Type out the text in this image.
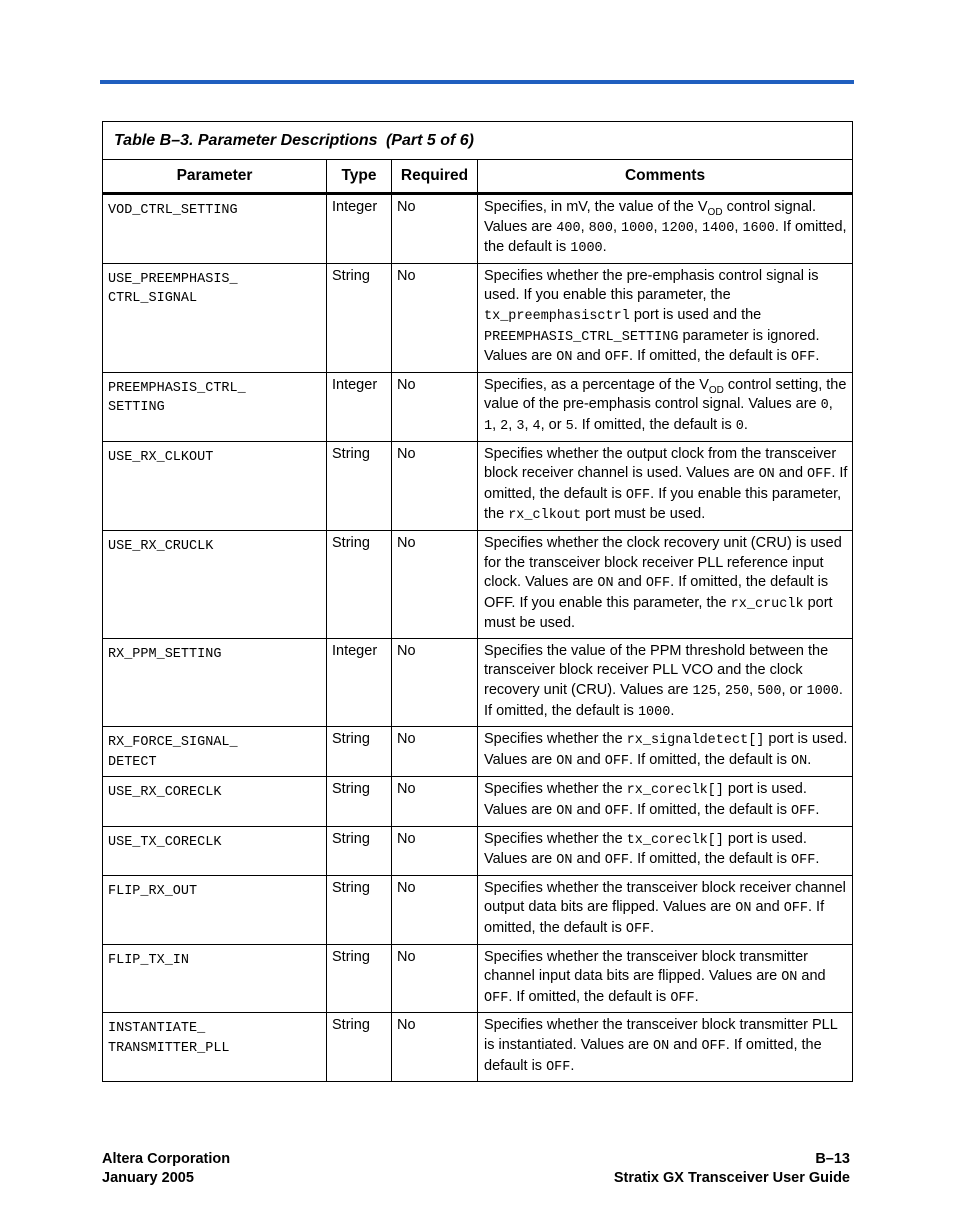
Table B–3. Parameter Descriptions (Part 5 of 6)			
Parameter	Type	Required	Comments

VOD_CTRL_SETTING	Integer	No	Specifies, in mV, the value of the $V_{OD}$ control signal. Values are 400, 800, 1000, 1200, 1400, 1600. If omitted, the default is 1000.

USE_PREEMPHASIS_
CTRL_SIGNAL	String	No	Specifies whether the pre-emphasis control signal is used. If you enable this parameter, the tx_preemphasisctrl port is used and the PREEMPHASIS_CTRL_SETTING parameter is ignored. Values are ON and OFF. If omitted, the default is OFF.

PREEMPHASIS_CTRL_
SETTING	Integer	No	Specifies, as a percentage of the $V_{OD}$ control setting, the value of the pre-emphasis control signal. Values are 0, 1, 2, 3, 4, or 5. If omitted, the default is 0.

USE_RX_CLKOUT	String	No	Specifies whether the output clock from the transceiver block receiver channel is used. Values are ON and OFF. If omitted, the default is OFF. If you enable this parameter, the rx_clkout port must be used.

USE_RX_CRUCLK	String	No	Specifies whether the clock recovery unit (CRU) is used for the transceiver block receiver PLL reference input clock. Values are ON and OFF. If omitted, the default is OFF. If you enable this parameter, the rx_cruclk port must be used.

RX_PPM_SETTING	Integer	No	Specifies the value of the PPM threshold between the transceiver block receiver PLL VCO and the clock recovery unit (CRU). Values are 125, 250, 500, or 1000. If omitted, the default is 1000.

RX_FORCE_SIGNAL_
DETECT	String	No	Specifies whether the rx_signaldetect[] port is used. Values are ON and OFF. If omitted, the default is ON.

USE_RX_CORECLK	String	No	Specifies whether the rx_coreclk[] port is used. Values are ON and OFF. If omitted, the default is OFF.

USE_TX_CORECLK	String	No	Specifies whether the tx_coreclk[] port is used. Values are ON and OFF. If omitted, the default is OFF.

FLIP_RX_OUT	String	No	Specifies whether the transceiver block receiver channel output data bits are flipped. Values are ON and OFF. If omitted, the default is OFF.

FLIP_TX_IN	String	No	Specifies whether the transceiver block transmitter channel input data bits are flipped. Values are ON and OFF. If omitted, the default is OFF.

INSTANTIATE_
TRANSMITTER_PLL	String	No	Specifies whether the transceiver block transmitter PLL is instantiated. Values are ON and OFF. If omitted, the default is OFF.
Altera Corporation
January 2005
B–13
Stratix GX Transceiver User Guide
